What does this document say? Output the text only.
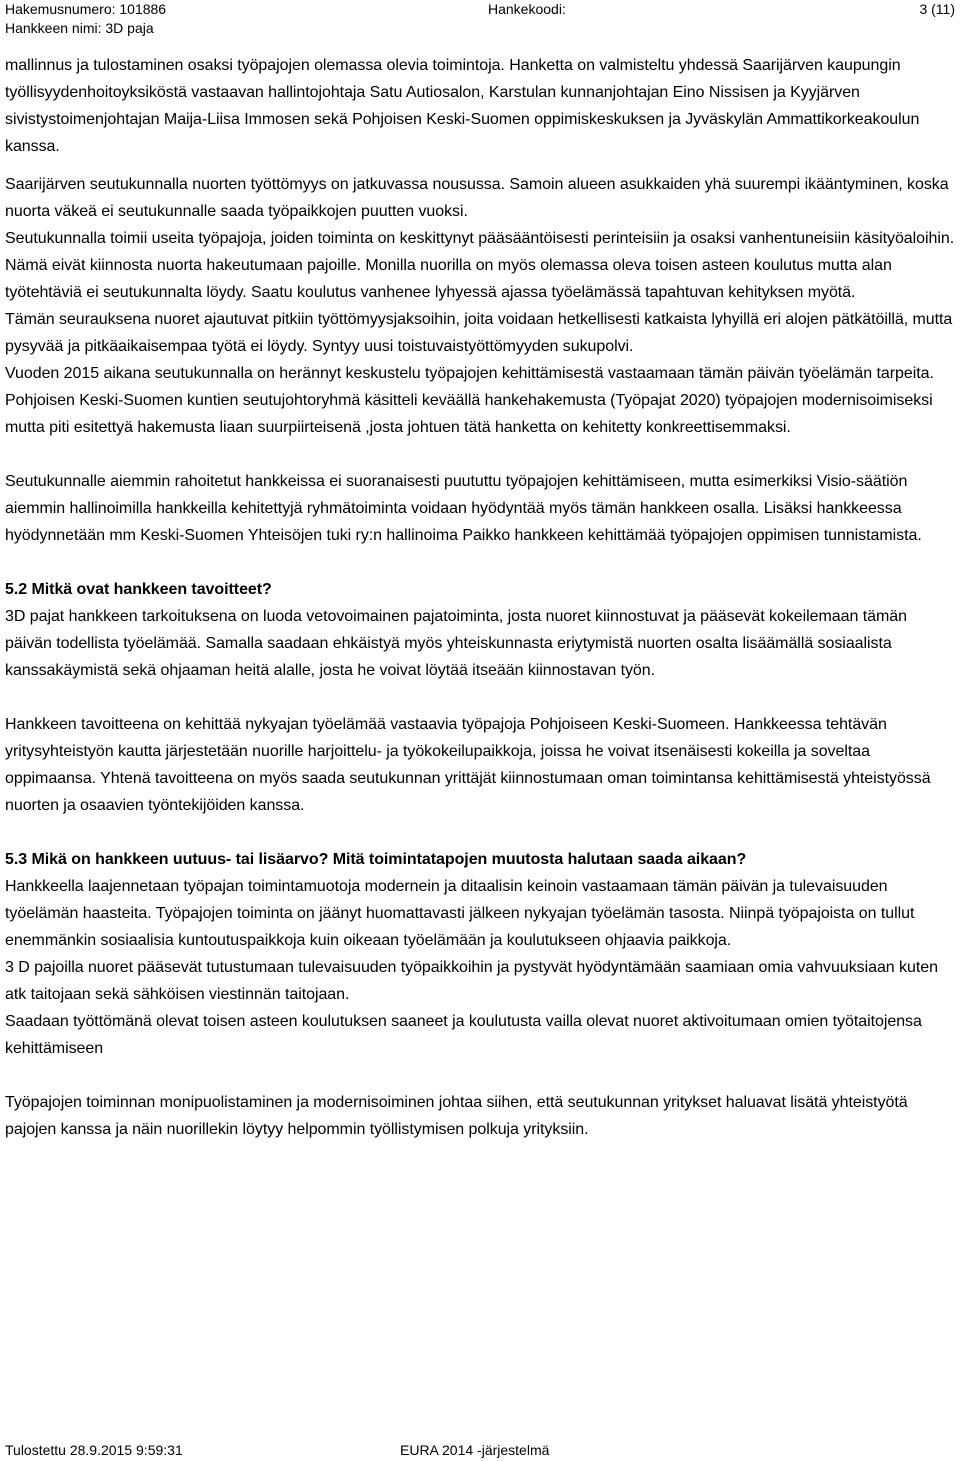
Hakemusnumero: 101886	Hankekoodi:	3 (11)
Hankkeen nimi: 3D paja

mallinnus ja tulostaminen osaksi työpajojen olemassa olevia toimintoja. Hanketta on valmisteltu yhdessä Saarijärven kaupungin työllisyydenhoitoyksiköstä vastaavan hallintojohtaja Satu Autiosalon, Karstulan kunnanjohtajan Eino Nissisen ja Kyyjärven sivistystoimenjohtajan Maija-Liisa Immosen sekä Pohjoisen Keski-Suomen oppimiskeskuksen ja Jyväskylän Ammattikorkeakoulun kanssa.

Saarijärven seutukunnalla nuorten työttömyys on jatkuvassa nousussa. Samoin alueen asukkaiden yhä suurempi ikääntyminen, koska nuorta väkeä ei seutukunnalle saada työpaikkojen puutten vuoksi.

Seutukunnalla toimii useita työpajoja, joiden toiminta on keskittynyt pääsääntöisesti perinteisiin ja osaksi vanhentuneisiin käsityöaloihin. Nämä eivät kiinnosta nuorta hakeutumaan pajoille. Monilla nuorilla on myös olemassa oleva toisen asteen koulutus mutta alan työtehtäviä ei seutukunnalta löydy. Saatu koulutus vanhenee lyhyessä ajassa työelämässä tapahtuvan kehityksen myötä.

Tämän seurauksena nuoret ajautuvat pitkiin työttömyysjaksoihin, joita voidaan hetkellisesti katkaista lyhyillä eri alojen pätkätöillä, mutta pysyvää ja pitkäaikaisempaa työtä ei löydy. Syntyy uusi toistuvaistyöttömyyden sukupolvi.

Vuoden 2015 aikana seutukunnalla on herännyt keskustelu työpajojen kehittämisestä vastaamaan tämän päivän työelämän tarpeita.

Pohjoisen Keski-Suomen kuntien seutujohtoryhmä käsitteli keväällä hankehakemusta (Työpajat 2020) työpajojen modernisoimiseksi mutta piti esitettyä hakemusta liaan suurpiirteisenä ,josta johtuen tätä hanketta on kehitetty konkreettisemmaksi.

Seutukunnalle aiemmin rahoitetut hankkeissa ei suoranaisesti puututtu työpajojen kehittämiseen, mutta esimerkiksi Visio-säätiön aiemmin hallinoimilla hankkeilla kehitettyjä ryhmätoiminta voidaan hyödyntää myös tämän hankkeen osalla. Lisäksi hankkeessa hyödynnetään mm Keski-Suomen Yhteisöjen tuki ry:n hallinoima Paikko hankkeen kehittämää työpajojen oppimisen tunnistamista.

5.2 Mitkä ovat hankkeen tavoitteet?

3D pajat hankkeen tarkoituksena on luoda vetovoimainen pajatoiminta, josta nuoret kiinnostuvat ja pääsevät kokeilemaan tämän päivän todellista työelämää. Samalla saadaan ehkäistyä myös yhteiskunnasta eriytymistä nuorten osalta lisäämällä sosiaalista kanssakäymistä sekä ohjaaman heitä alalle, josta he voivat löytää itseään kiinnostavan työn.

Hankkeen tavoitteena on kehittää nykyajan työelämää vastaavia työpajoja Pohjoiseen Keski-Suomeen. Hankkeessa tehtävän yritysyhteistyön kautta järjestetään nuorille harjoittelu- ja työkokeilupaikkoja, joissa he voivat itsenäisesti kokeilla ja soveltaa oppimaansa. Yhtenä tavoitteena on myös saada seutukunnan yrittäjät kiinnostumaan oman toimintansa kehittämisestä yhteistyössä nuorten ja osaavien työntekijöiden kanssa.

5.3 Mikä on hankkeen uutuus- tai lisäarvo? Mitä toimintatapojen muutosta halutaan saada aikaan?

Hankkeella laajennetaan työpajan toimintamuotoja modernein ja ditaalisin keinoin vastaamaan tämän päivän ja tulevaisuuden työelämän haasteita. Työpajojen toiminta on jäänyt huomattavasti jälkeen nykyajan työelämän tasosta. Niinpä työpajoista on tullut enemmänkin sosiaalisia kuntoutuspaikkoja kuin oikeaan työelämään ja koulutukseen ohjaavia paikkoja.

3 D pajoilla nuoret pääsevät tutustumaan tulevaisuuden työpaikkoihin ja pystyvät hyödyntämään saamiaan omia vahvuuksiaan kuten atk taitojaan sekä sähköisen viestinnän taitojaan.

Saadaan työttömänä olevat toisen asteen koulutuksen saaneet ja koulutusta vailla olevat nuoret aktivoitumaan omien työtaitojensa kehittämiseen

Työpajojen toiminnan monipuolistaminen ja modernisoiminen johtaa siihen, että seutukunnan yritykset haluavat lisätä yhteistyötä pajojen kanssa ja näin nuorillekin löytyy helpommin työllistymisen polkuja yrityksiin.

Tulostettu 28.9.2015 9:59:31	EURA 2014 -järjestelmä
